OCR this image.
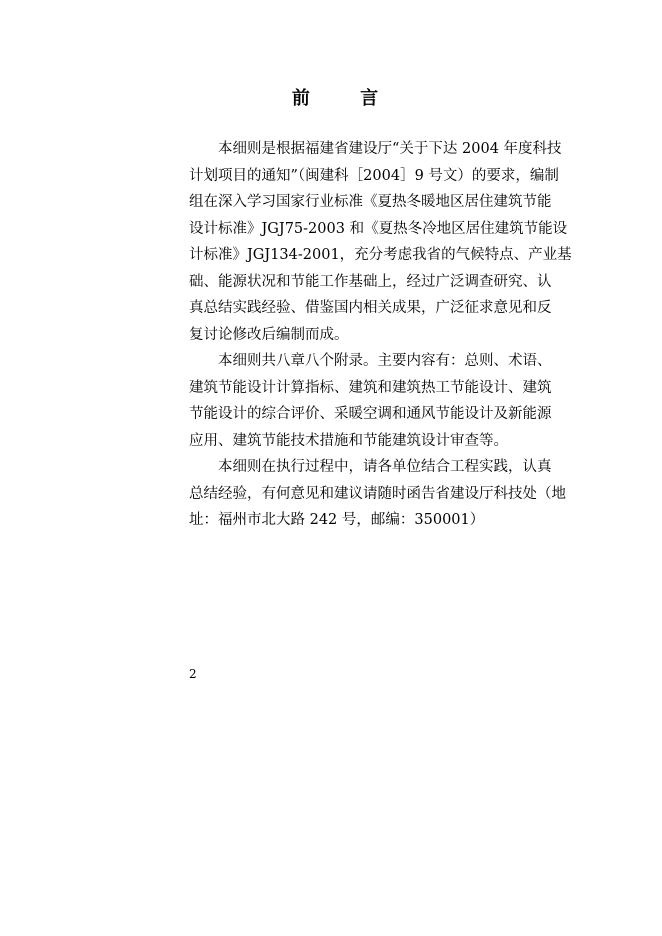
前 言
本细则是根据福建省建设厅“关于下达 2004 年度科技
计划项目的通知”（闽建科［2004］9 号文）的要求，编制
组在深入学习国家行业标准《夏热冬暖地区居住建筑节能
设计标准》JGJ75-2003 和《夏热冬冷地区居住建筑节能设
计标准》JGJ134-2001，充分考虑我省的气候特点、产业基
础、能源状况和节能工作基础上，经过广泛调查研究、认
真总结实践经验、借鉴国内相关成果，广泛征求意见和反
复讨论修改后编制而成。
本细则共八章八个附录。主要内容有：总则、术语、
建筑节能设计计算指标、建筑和建筑热工节能设计、建筑
节能设计的综合评价、采暖空调和通风节能设计及新能源
应用、建筑节能技术措施和节能建筑设计审查等。
本细则在执行过程中，请各单位结合工程实践，认真
总结经验，有何意见和建议请随时函告省建设厅科技处（地
址：福州市北大路 242 号，邮编：350001）
2
